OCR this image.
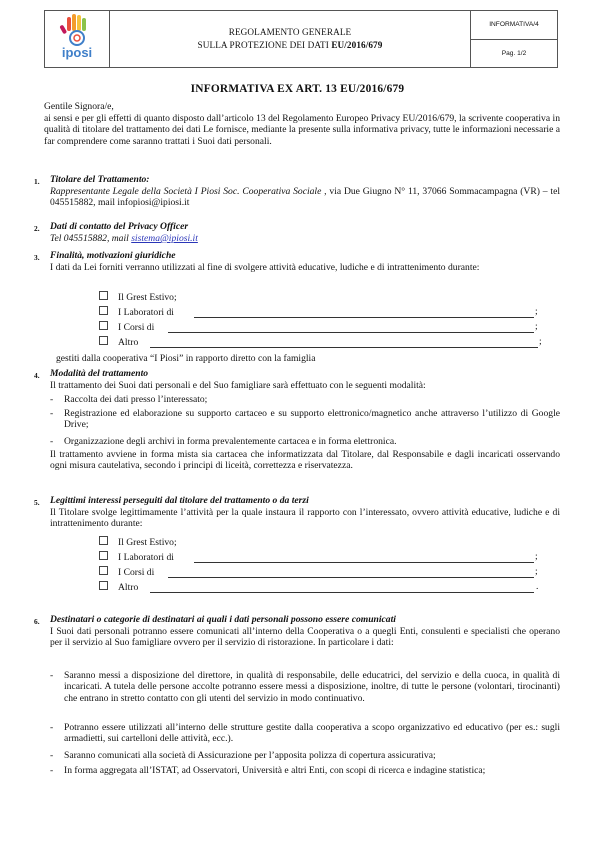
iposi
REGOLAMENTO GENERALE
SULLA PROTEZIONE DEI DATI EU/2016/679
INFORMATIVA/4
Pag. 1/2
INFORMATIVA EX ART. 13 EU/2016/679
Gentile Signora/e,
ai sensi e per gli effetti di quanto disposto dall’articolo 13 del Regolamento Europeo Privacy EU/2016/679, la scrivente cooperativa in qualità di titolare del trattamento dei dati Le fornisce, mediante la presente sulla informativa privacy, tutte le informazioni necessarie a far comprendere come saranno trattati i Suoi dati personali.
1. Titolare del Trattamento:
Rappresentante Legale della Società I Piosi Soc. Cooperativa Sociale , via Due Giugno N° 11, 37066 Sommacampagna (VR) – tel 045515882, mail infopiosi@ipiosi.it
2. Dati di contatto del Privacy Officer
Tel 045515882, mail sistema@ipiosi.it
3. Finalità, motivazioni giuridiche
I dati da Lei forniti verranno utilizzati al fine di svolgere attività educative, ludiche e di intrattenimento durante:
Il Grest Estivo;
I Laboratori di	;
I Corsi di	;
Altro	;
gestiti dalla cooperativa “I Piosi” in rapporto diretto con la famiglia
4. Modalità del trattamento
Il trattamento dei Suoi dati personali e del Suo famigliare sarà effettuato con le seguenti modalità:
- Raccolta dei dati presso l’interessato;
- Registrazione ed elaborazione su supporto cartaceo e su supporto elettronico/magnetico anche attraverso l’utilizzo di Google Drive;
- Organizzazione degli archivi in forma prevalentemente cartacea e in forma elettronica.
Il trattamento avviene in forma mista sia cartacea che informatizzata dal Titolare, dal Responsabile e dagli incaricati osservando ogni misura cautelativa, secondo i principi di liceità, correttezza e riservatezza.
5. Legittimi interessi perseguiti dal titolare del trattamento o da terzi
Il Titolare svolge legittimamente l’attività per la quale instaura il rapporto con l’interessato, ovvero attività educative, ludiche e di intrattenimento durante:
Il Grest Estivo;
I Laboratori di	;
I Corsi di	;
Altro	.
6. Destinatari o categorie di destinatari ai quali i dati personali possono essere comunicati
I Suoi dati personali potranno essere comunicati all’interno della Cooperativa o a quegli Enti, consulenti e specialisti che operano per il servizio al Suo famigliare ovvero per il servizio di ristorazione. In particolare i dati:
- Saranno messi a disposizione del direttore, in qualità di responsabile, delle educatrici, del servizio e della cuoca, in qualità di incaricati. A tutela delle persone accolte potranno essere messi a disposizione, inoltre, di tutte le persone (volontari, tirocinanti) che entrano in stretto contatto con gli utenti del servizio in modo continuativo.
- Potranno essere utilizzati all’interno delle strutture gestite dalla cooperativa a scopo organizzativo ed educativo (per es.: sugli armadietti, sui cartelloni delle attività, ecc.).
- Saranno comunicati alla società di Assicurazione per l’apposita polizza di copertura assicurativa;
- In forma aggregata all’ISTAT, ad Osservatori, Università e altri Enti, con scopi di ricerca e indagine statistica;
